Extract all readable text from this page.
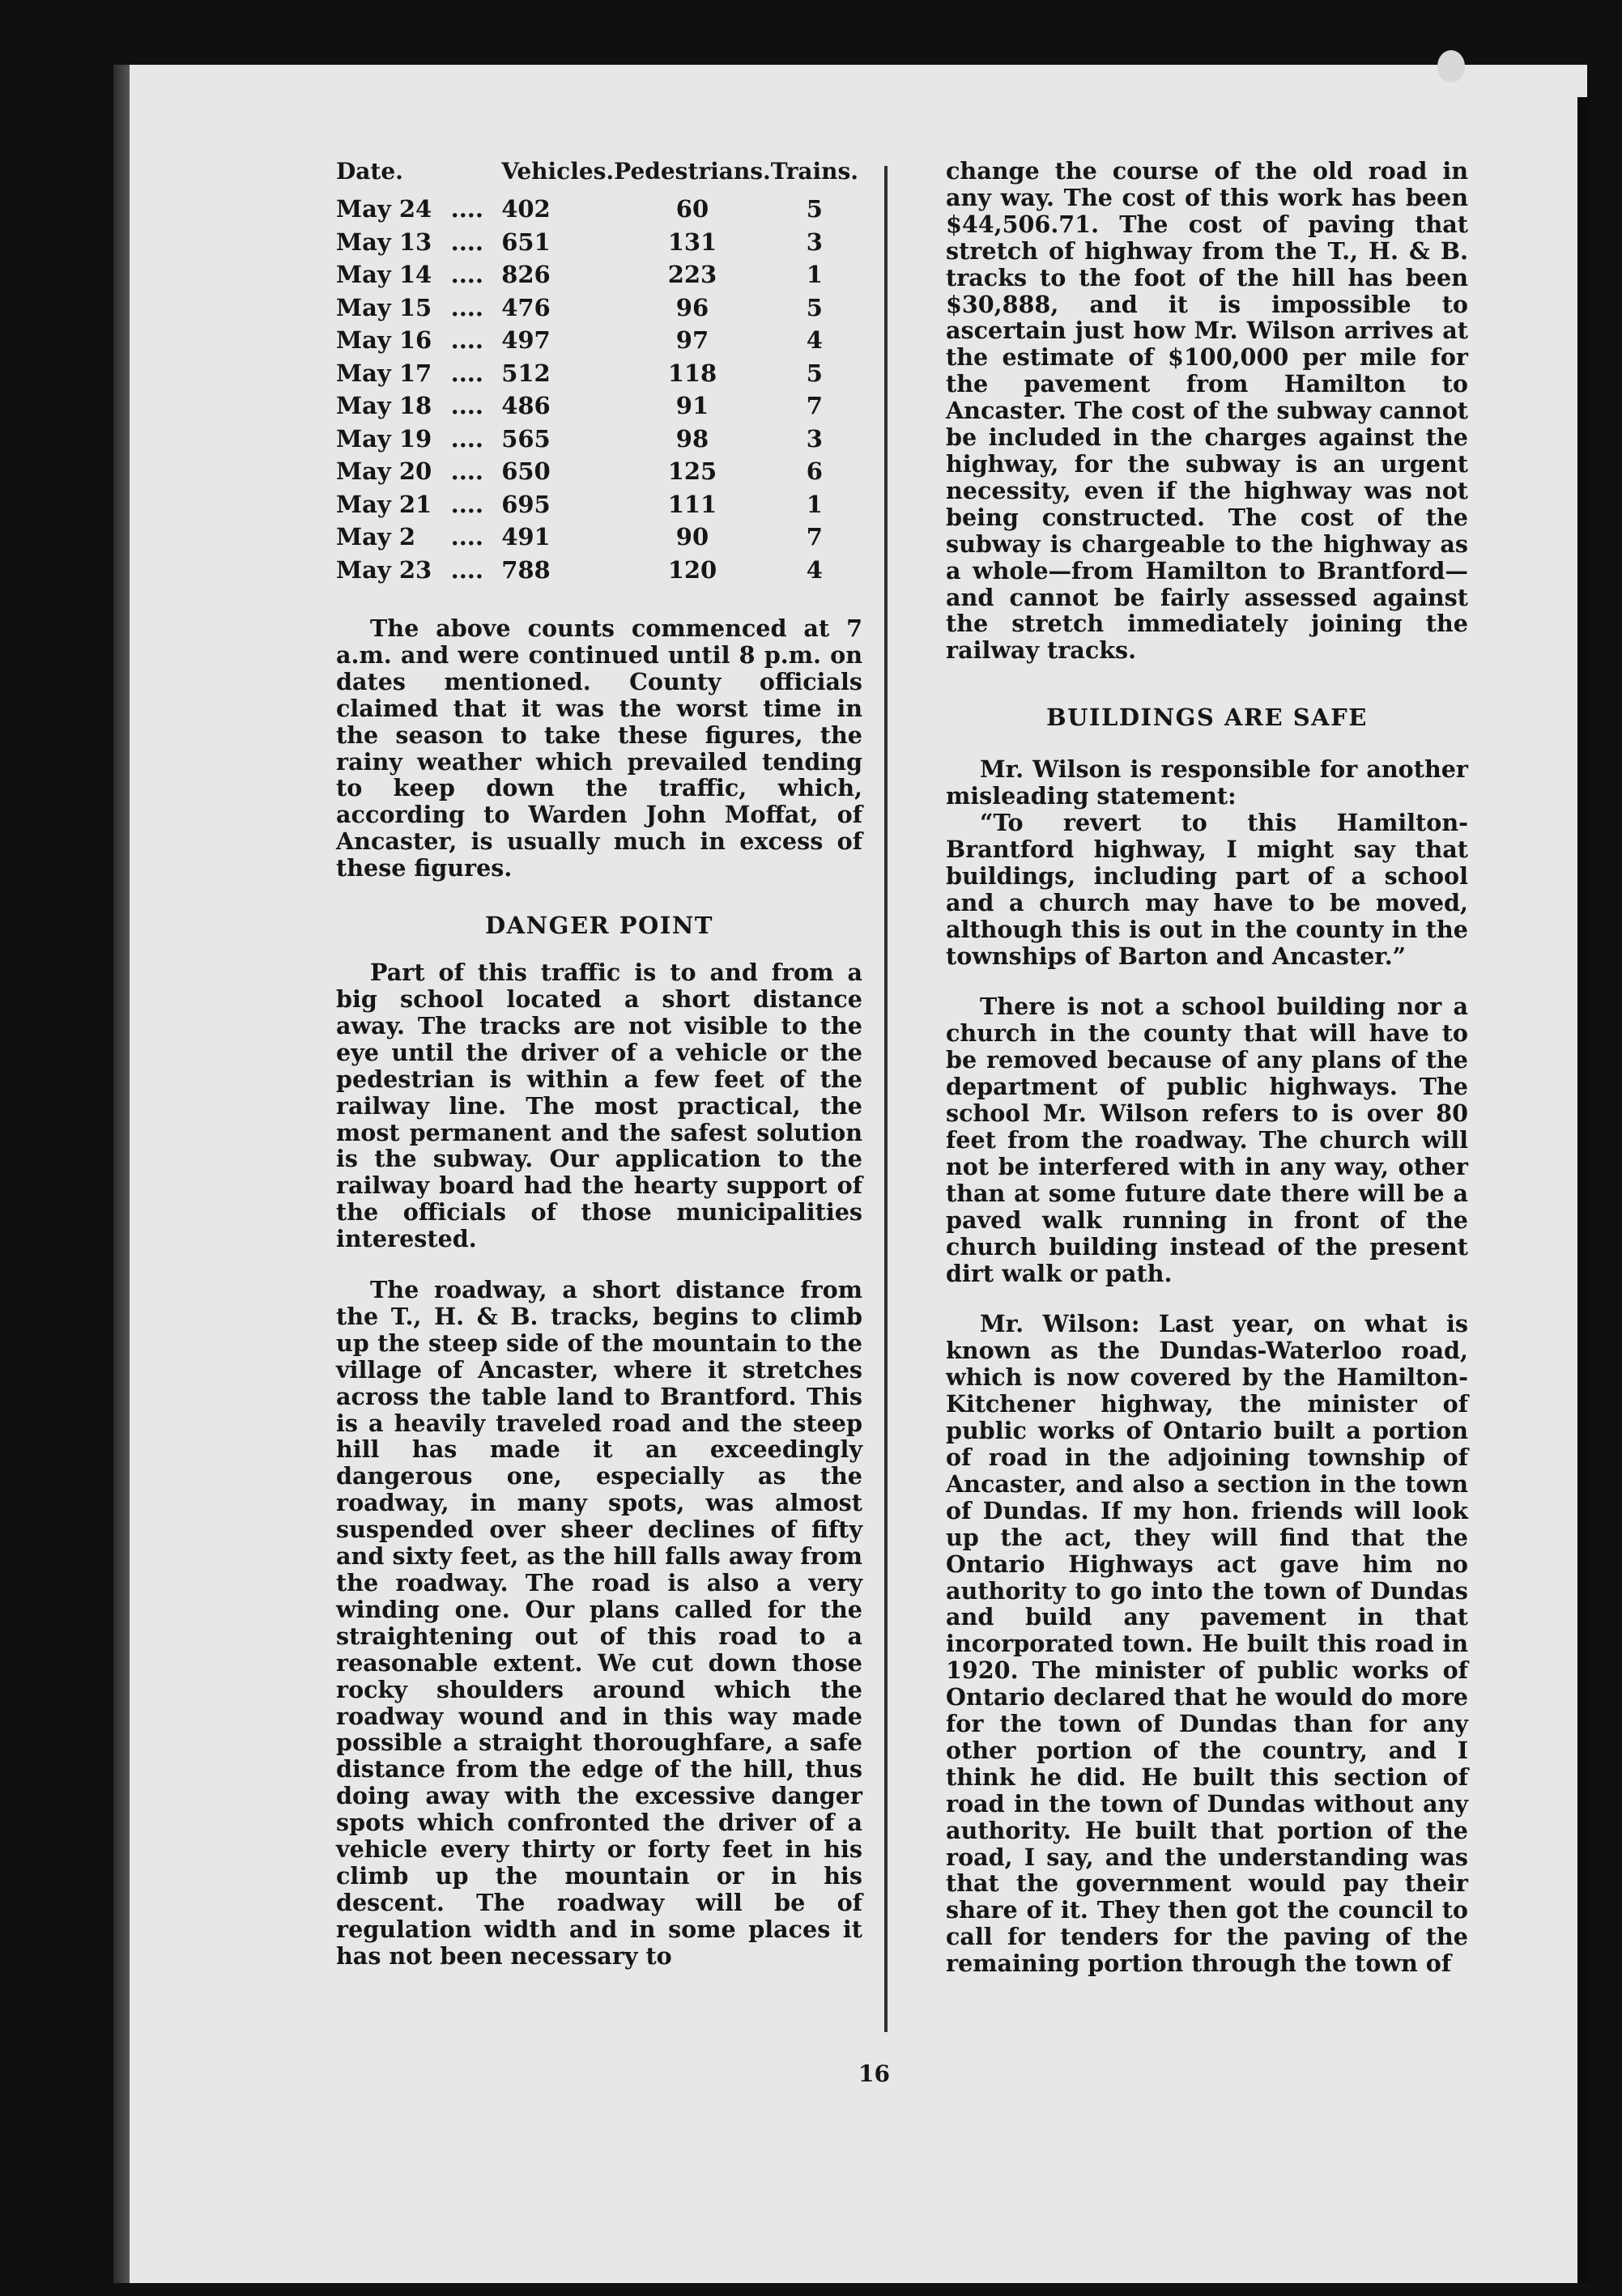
Date.		Vehicles.	Pedestrians.	Trains.
May 24	....	402	60	5
May 13	....	651	131	3
May 14	....	826	223	1
May 15	....	476	96	5
May 16	....	497	97	4
May 17	....	512	118	5
May 18	....	486	91	7
May 19	....	565	98	3
May 20	....	650	125	6
May 21	....	695	111	1
May 2	....	491	90	7
May 23	....	788	120	4

The above counts commenced at 7 a.m. and were continued until 8 p.m. on dates mentioned. County officials claimed that it was the worst time in the season to take these figures, the rainy weather which prevailed tending to keep down the traffic, which, according to Warden John Moffat, of Ancaster, is usually much in excess of these figures.

DANGER POINT

Part of this traffic is to and from a big school located a short distance away. The tracks are not visible to the eye until the driver of a vehicle or the pedestrian is within a few feet of the railway line. The most practical, the most permanent and the safest solution is the subway. Our application to the railway board had the hearty support of the officials of those municipalities interested.

The roadway, a short distance from the T., H. & B. tracks, begins to climb up the steep side of the mountain to the village of Ancaster, where it stretches across the table land to Brantford. This is a heavily traveled road and the steep hill has made it an exceedingly dangerous one, especially as the roadway, in many spots, was almost suspended over sheer declines of fifty and sixty feet, as the hill falls away from the roadway. The road is also a very winding one. Our plans called for the straightening out of this road to a reasonable extent. We cut down those rocky shoulders around which the roadway wound and in this way made possible a straight thoroughfare, a safe distance from the edge of the hill, thus doing away with the excessive danger spots which confronted the driver of a vehicle every thirty or forty feet in his climb up the mountain or in his descent. The roadway will be of regulation width and in some places it has not been necessary to

change the course of the old road in any way. The cost of this work has been $44,506.71. The cost of paving that stretch of highway from the T., H. & B. tracks to the foot of the hill has been $30,888, and it is impossible to ascertain just how Mr. Wilson arrives at the estimate of $100,000 per mile for the pavement from Hamilton to Ancaster. The cost of the subway cannot be included in the charges against the highway, for the subway is an urgent necessity, even if the highway was not being constructed. The cost of the subway is chargeable to the highway as a whole—from Hamilton to Brantford—and cannot be fairly assessed against the stretch immediately joining the railway tracks.

BUILDINGS ARE SAFE

Mr. Wilson is responsible for another misleading statement:

“To revert to this Hamilton-Brantford highway, I might say that buildings, including part of a school and a church may have to be moved, although this is out in the county in the townships of Barton and Ancaster.”

There is not a school building nor a church in the county that will have to be removed because of any plans of the department of public highways. The school Mr. Wilson refers to is over 80 feet from the roadway. The church will not be interfered with in any way, other than at some future date there will be a paved walk running in front of the church building instead of the present dirt walk or path.

Mr. Wilson: Last year, on what is known as the Dundas-Waterloo road, which is now covered by the Hamilton-Kitchener highway, the minister of public works of Ontario built a portion of road in the adjoining township of Ancaster, and also a section in the town of Dundas. If my hon. friends will look up the act, they will find that the Ontario Highways act gave him no authority to go into the town of Dundas and build any pavement in that incorporated town. He built this road in 1920. The minister of public works of Ontario declared that he would do more for the town of Dundas than for any other portion of the country, and I think he did. He built this section of road in the town of Dundas without any authority. He built that portion of the road, I say, and the understanding was that the government would pay their share of it. They then got the council to call for tenders for the paving of the remaining portion through the town of

16
